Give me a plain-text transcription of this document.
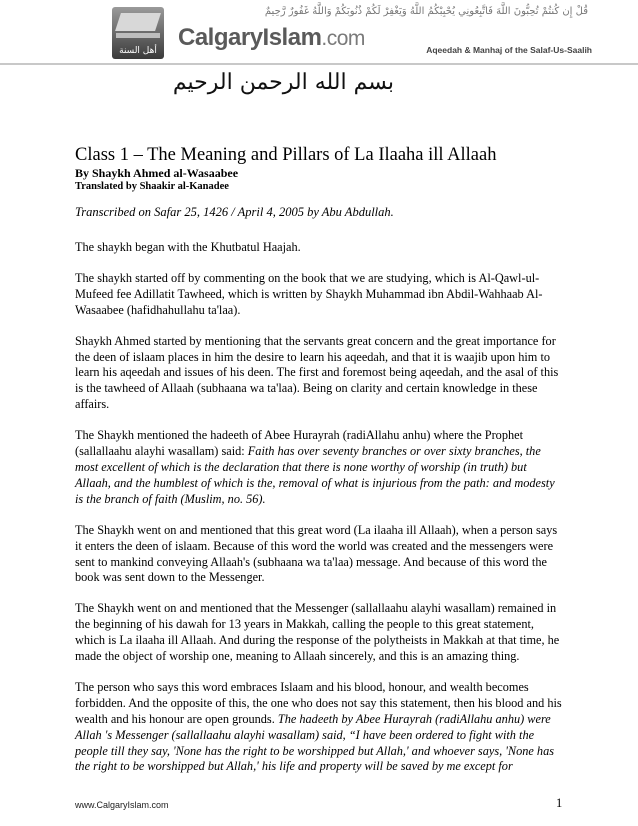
أهل السنة CalgaryIslam.com
قُلْ إِن كُنتُمْ تُحِبُّونَ اللَّهَ فَاتَّبِعُونِي يُحْبِبْكُمُ اللَّهُ وَيَغْفِرْ لَكُمْ ذُنُوبَكُمْ وَاللَّهُ غَفُورٌ رَّحِيمٌ
Aqeedah & Manhaj of the Salaf-Us-Saalih
بسم الله الرحمن الرحيم
Class 1 – The Meaning and Pillars of La Ilaaha ill Allaah
By Shaykh Ahmed al-Wasaabee
Translated by Shaakir al-Kanadee
Transcribed on Safar 25, 1426 / April 4, 2005 by Abu Abdullah.

The shaykh began with the Khutbatul Haajah.

The shaykh started off by commenting on the book that we are studying, which is Al-Qawl-ul-Mufeed fee Adillatit Tawheed, which is written by Shaykh Muhammad ibn Abdil-Wahhaab Al-Wasaabee (hafidhahullahu ta'laa).

Shaykh Ahmed started by mentioning that the servants great concern and the great importance for the deen of islaam places in him the desire to learn his aqeedah, and that it is waajib upon him to learn his aqeedah and issues of his deen. The first and foremost being aqeedah, and the asal of this is the tawheed of Allaah (subhaana wa ta'laa). Being on clarity and certain knowledge in these affairs.

The Shaykh mentioned the hadeeth of Abee Hurayrah (radiAllahu anhu) where the Prophet (sallallaahu alayhi wasallam) said: Faith has over seventy branches or over sixty branches, the most excellent of which is the declaration that there is none worthy of worship (in truth) but Allaah, and the humblest of which is the, removal of what is injurious from the path: and modesty is the branch of faith (Muslim, no. 56).

The Shaykh went on and mentioned that this great word (La ilaaha ill Allaah), when a person says it enters the deen of islaam. Because of this word the world was created and the messengers were sent to mankind conveying Allaah's (subhaana wa ta'laa) message. And because of this word the book was sent down to the Messenger.

The Shaykh went on and mentioned that the Messenger (sallallaahu alayhi wasallam) remained in the beginning of his dawah for 13 years in Makkah, calling the people to this great statement, which is La ilaaha ill Allaah. And during the response of the polytheists in Makkah at that time, he made the object of worship one, meaning to Allaah sincerely, and this is an amazing thing.

The person who says this word embraces Islaam and his blood, honour, and wealth becomes forbidden. And the opposite of this, the one who does not say this statement, then his blood and his wealth and his honour are open grounds. The hadeeth by Abee Hurayrah (radiAllahu anhu) were Allah 's Messenger (sallallaahu alayhi wasallam) said, “I have been ordered to fight with the people till they say, 'None has the right to be worshipped but Allah,' and whoever says, 'None has the right to be worshipped but Allah,' his life and property will be saved by me except for

www.CalgaryIslam.com	1
